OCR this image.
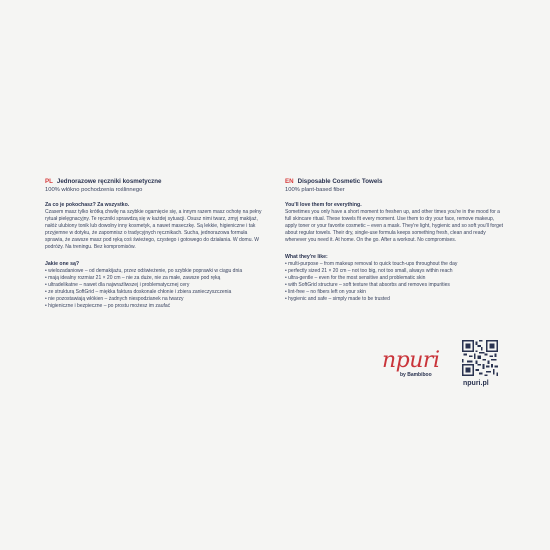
PL Jednorazowe ręczniki kosmetyczne
100% włókno pochodzenia roślinnego
Za co je pokochasz? Za wszystko.

Czasem masz tylko krótką chwilę na szybkie ogarnięcie się, a innym razem masz ochotę na pełny rytuał pielęgnacyjny. Te ręczniki sprawdzą się w każdej sytuacji. Osusz nimi twarz, zmyj makijaż, nałóż ulubiony tonik lub dowolny inny kosmetyk, a nawet maseczkę. Są lekkie, higieniczne i tak przyjemne w dotyku, że zapomnisz o tradycyjnych ręcznikach. Sucha, jednorazowa formuła sprawia, że zawsze masz pod ręką coś świeżego, czystego i gotowego do działania. W domu. W podróży. Na treningu. Bez kompromisów.

Jakie one są?
• wielozadaniowe – od demakijażu, przez odświeżenie, po szybkie poprawki w ciągu dnia
• mają idealny rozmiar 21 × 20 cm – nie za duże, nie za małe, zawsze pod ręką
• ultradelikatne – nawet dla najwrażliwszej i problematycznej cery
• ze strukturą SoftGrid – miękka faktura doskonale chłonie i zbiera zanieczyszczenia
• nie pozostawiają włókien – żadnych niespodzianek na twarzy
• higieniczne i bezpieczne – po prostu możesz im zaufać
EN Disposable Cosmetic Towels
100% plant-based fiber
You'll love them for everything.

Sometimes you only have a short moment to freshen up, and other times you're in the mood for a full skincare ritual. These towels fit every moment. Use them to dry your face, remove makeup, apply toner or your favorite cosmetic – even a mask. They're light, hygienic and so soft you'll forget about regular towels. Their dry, single-use formula keeps something fresh, clean and ready whenever you need it. At home. On the go. After a workout. No compromises.

What they're like:
• multi-purpose – from makeup removal to quick touch-ups throughout the day
• perfectly sized 21 × 20 cm – not too big, not too small, always within reach
• ultra-gentle – even for the most sensitive and problematic skin
• with SoftGrid structure – soft texture that absorbs and removes impurities
• lint-free – no fibers left on your skin
• hygienic and safe – simply made to be trusted
npuri
by Bambiboo
npuri.pl
